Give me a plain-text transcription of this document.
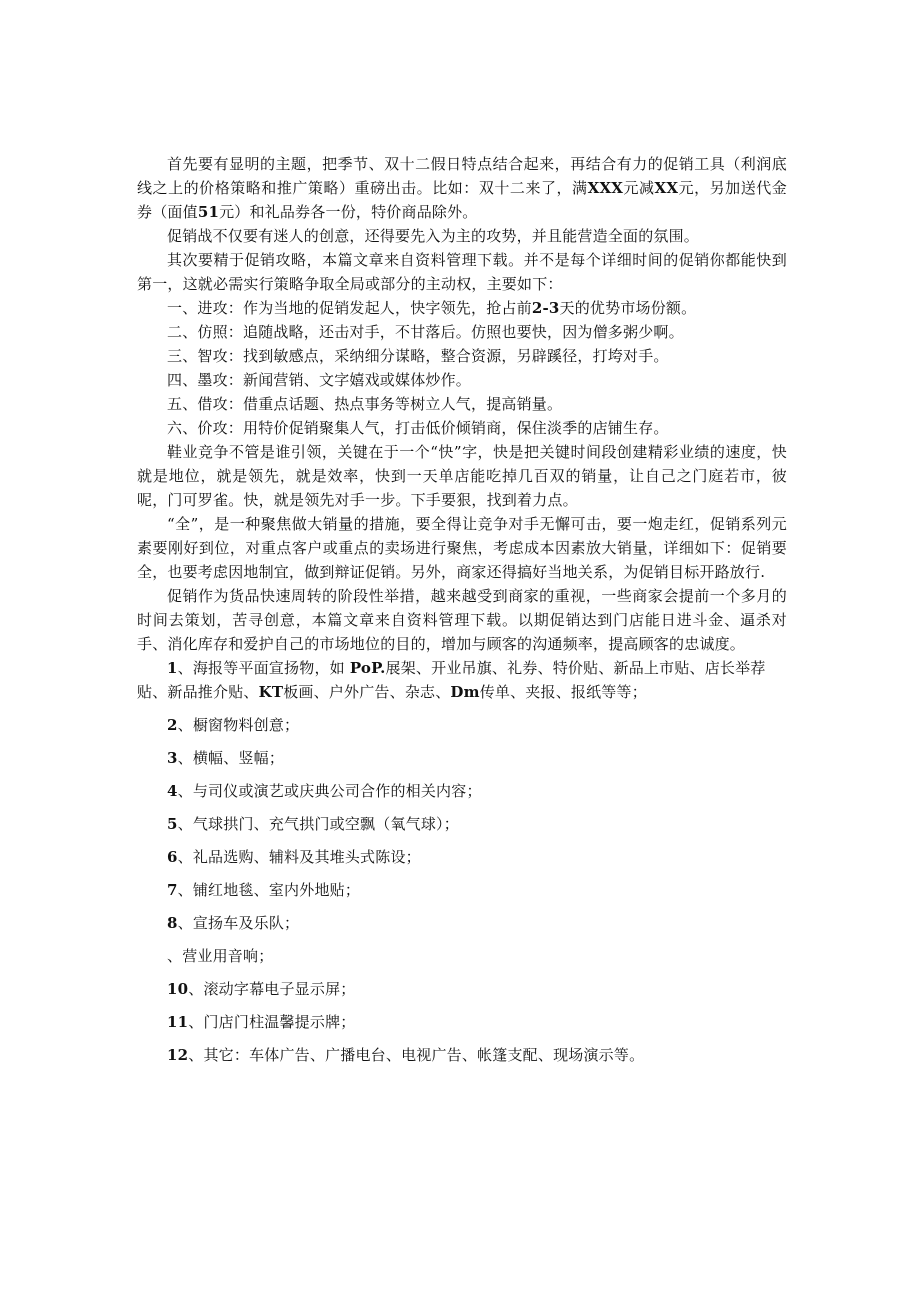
首先要有显明的主题，把季节、双十二假日特点结合起来，再结合有力的促销工具（利润底线之上的价格策略和推广策略）重磅出击。比如：双十二来了，满XXX元减XX元，另加送代金券（面值51元）和礼品券各一份，特价商品除外。

促销战不仅要有迷人的创意，还得要先入为主的攻势，并且能营造全面的氛围。

其次要精于促销攻略，本篇文章来自资料管理下载。并不是每个详细时间的促销你都能快到第一，这就必需实行策略争取全局或部分的主动权，主要如下：

一、进攻：作为当地的促销发起人，快字领先，抢占前2-3天的优势市场份额。

二、仿照：追随战略，还击对手，不甘落后。仿照也要快，因为僧多粥少啊。

三、智攻：找到敏感点，采纳细分谋略，整合资源，另辟蹊径，打垮对手。

四、墨攻：新闻营销、文字嬉戏或媒体炒作。

五、借攻：借重点话题、热点事务等树立人气，提高销量。

六、价攻：用特价促销聚集人气，打击低价倾销商，保住淡季的店铺生存。

鞋业竞争不管是谁引领，关键在于一个“快”字，快是把关键时间段创建精彩业绩的速度，快就是地位，就是领先，就是效率，快到一天单店能吃掉几百双的销量，让自己之门庭若市，彼呢，门可罗雀。快，就是领先对手一步。下手要狠，找到着力点。

“全”，是一种聚焦做大销量的措施，要全得让竞争对手无懈可击，要一炮走红，促销系列元素要刚好到位，对重点客户或重点的卖场进行聚焦，考虑成本因素放大销量，详细如下：促销要全，也要考虑因地制宜，做到辩证促销。另外，商家还得搞好当地关系，为促销目标开路放行.

促销作为货品快速周转的阶段性举措，越来越受到商家的重视，一些商家会提前一个多月的时间去策划，苦寻创意，本篇文章来自资料管理下载。以期促销达到门店能日进斗金、逼杀对手、消化库存和爱护自己的市场地位的目的，增加与顾客的沟通频率，提高顾客的忠诚度。

1、海报等平面宣扬物，如 PoP.展架、开业吊旗、礼券、特价贴、新品上市贴、店长举荐贴、新品推介贴、KT板画、户外广告、杂志、Dm传单、夹报、报纸等等；

2、橱窗物料创意；

3、横幅、竖幅；

4、与司仪或演艺或庆典公司合作的相关内容；

5、气球拱门、充气拱门或空飘（氧气球）；

6、礼品选购、辅料及其堆头式陈设；

7、铺红地毯、室内外地贴；

8、宣扬车及乐队；

、营业用音响；

10、滚动字幕电子显示屏；

11、门店门柱温馨提示牌；

12、其它：车体广告、广播电台、电视广告、帐篷支配、现场演示等。
